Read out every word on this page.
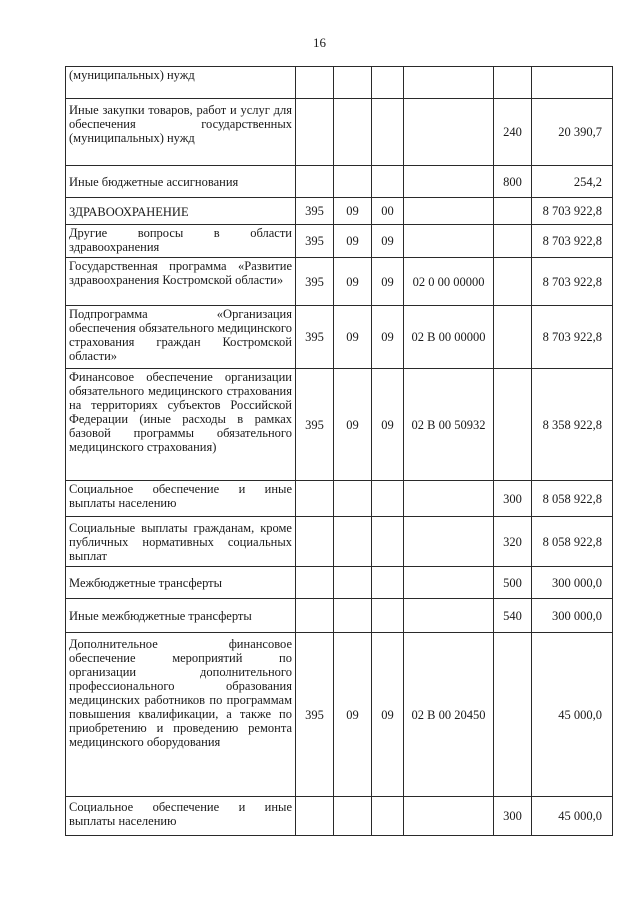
16
(муниципальных) нужд						
Иные закупки товаров, работ и услуг для обеспечения государственных (муниципальных) нужд					240	20 390,7
Иные бюджетные ассигнования					800	254,2
ЗДРАВООХРАНЕНИЕ	395	09	00			8 703 922,8
Другие вопросы в области здравоохранения	395	09	09			8 703 922,8
Государственная программа «Развитие здравоохранения Костромской области»	395	09	09	02 0 00 00000		8 703 922,8
Подпрограмма «Организация обеспечения обязательного медицинского страхования граждан Костромской области»	395	09	09	02 В 00 00000		8 703 922,8
Финансовое обеспечение организации обязательного медицинского страхования на территориях субъектов Российской Федерации (иные расходы в рамках базовой программы обязательного медицинского страхования)	395	09	09	02 В 00 50932		8 358 922,8
Социальное обеспечение и иные выплаты населению					300	8 058 922,8
Социальные выплаты гражданам, кроме публичных нормативных социальных выплат					320	8 058 922,8
Межбюджетные трансферты					500	300 000,0
Иные межбюджетные трансферты					540	300 000,0
Дополнительное финансовое обеспечение мероприятий по организации дополнительного профессионального образования медицинских работников по программам повышения квалификации, а также по приобретению и проведению ремонта медицинского оборудования	395	09	09	02 В 00 20450		45 000,0
Социальное обеспечение и иные выплаты населению					300	45 000,0
